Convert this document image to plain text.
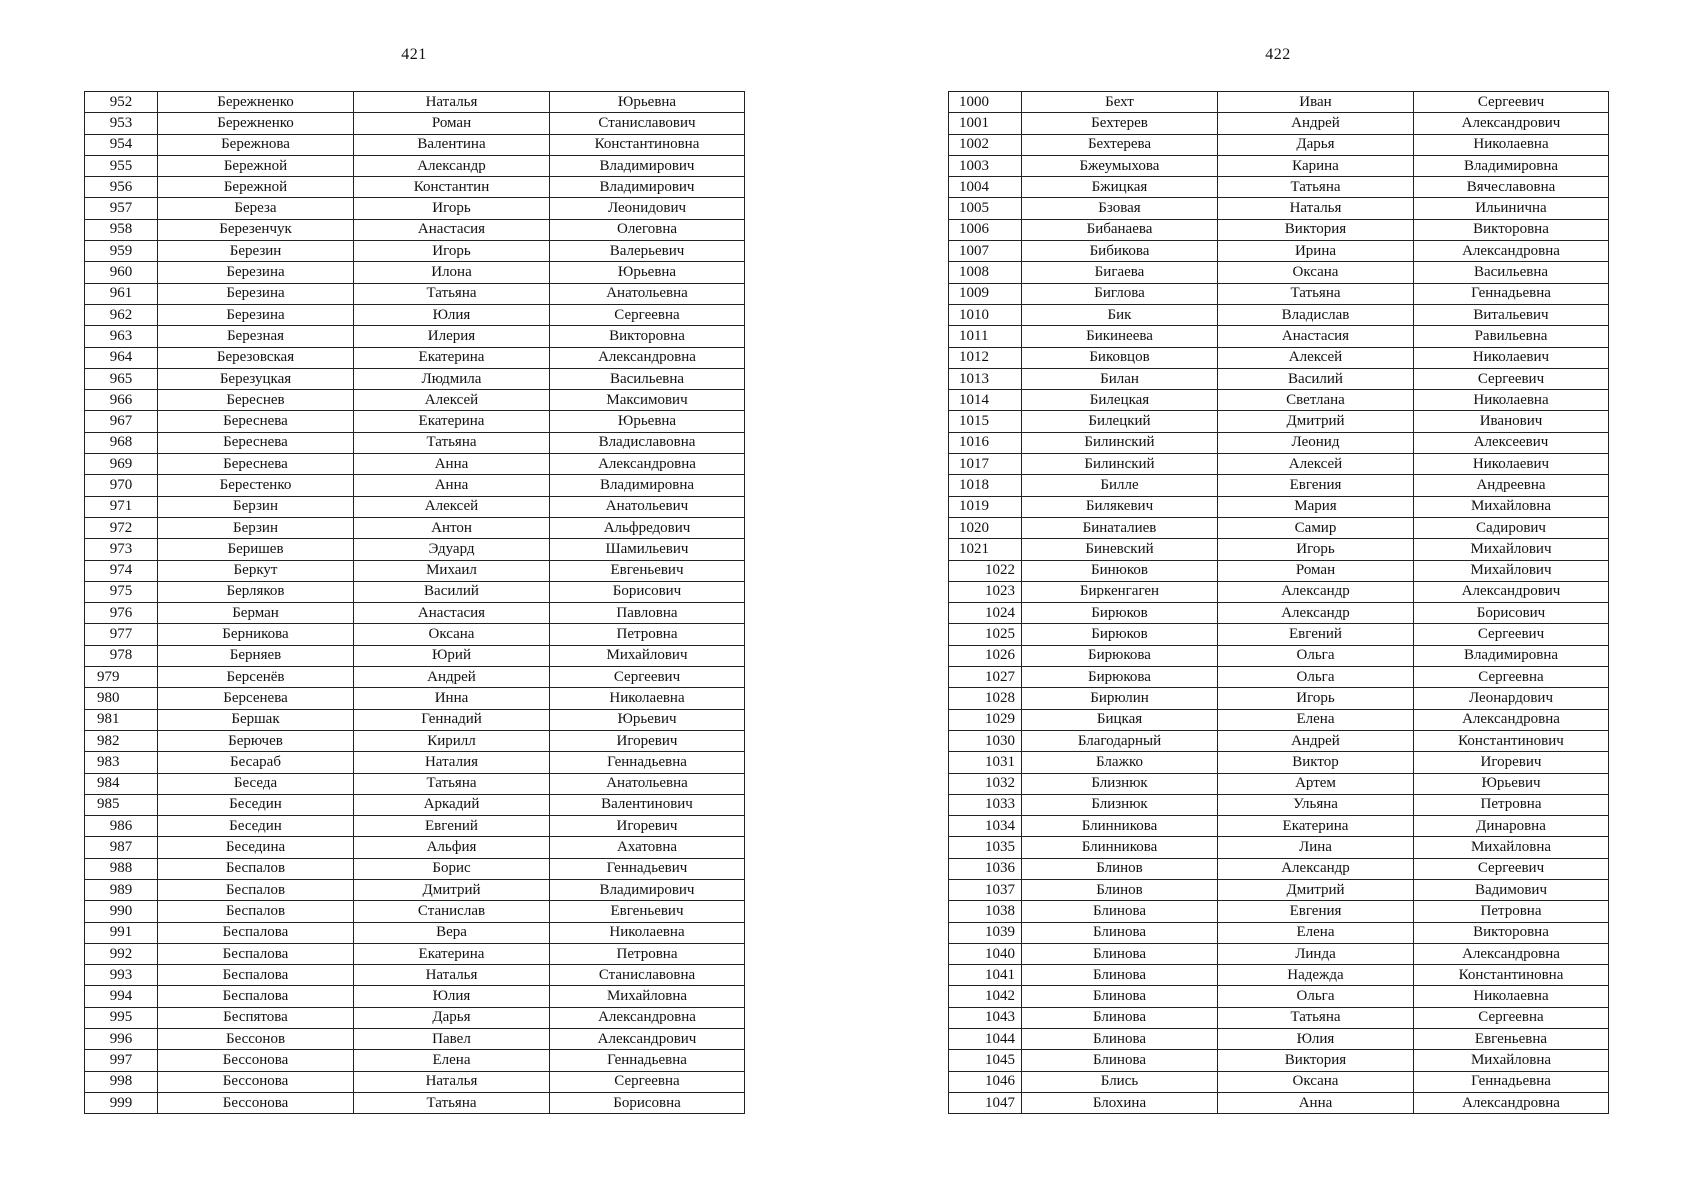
421
952	Бережненко	Наталья	Юрьевна
953	Бережненко	Роман	Станиславович
954	Бережнова	Валентина	Константиновна
955	Бережной	Александр	Владимирович
956	Бережной	Константин	Владимирович
957	Береза	Игорь	Леонидович
958	Березенчук	Анастасия	Олеговна
959	Березин	Игорь	Валерьевич
960	Березина	Илона	Юрьевна
961	Березина	Татьяна	Анатольевна
962	Березина	Юлия	Сергеевна
963	Березная	Илерия	Викторовна
964	Березовская	Екатерина	Александровна
965	Березуцкая	Людмила	Васильевна
966	Береснев	Алексей	Максимович
967	Береснева	Екатерина	Юрьевна
968	Береснева	Татьяна	Владиславовна
969	Береснева	Анна	Александровна
970	Берестенко	Анна	Владимировна
971	Берзин	Алексей	Анатольевич
972	Берзин	Антон	Альфредович
973	Беришев	Эдуард	Шамильевич
974	Беркут	Михаил	Евгеньевич
975	Берляков	Василий	Борисович
976	Берман	Анастасия	Павловна
977	Берникова	Оксана	Петровна
978	Берняев	Юрий	Михайлович
979	Берсенёв	Андрей	Сергеевич
980	Берсенева	Инна	Николаевна
981	Бершак	Геннадий	Юрьевич
982	Берючев	Кирилл	Игоревич
983	Бесараб	Наталия	Геннадьевна
984	Беседа	Татьяна	Анатольевна
985	Беседин	Аркадий	Валентинович
986	Беседин	Евгений	Игоревич
987	Беседина	Альфия	Ахатовна
988	Беспалов	Борис	Геннадьевич
989	Беспалов	Дмитрий	Владимирович
990	Беспалов	Станислав	Евгеньевич
991	Беспалова	Вера	Николаевна
992	Беспалова	Екатерина	Петровна
993	Беспалова	Наталья	Станиславовна
994	Беспалова	Юлия	Михайловна
995	Беспятова	Дарья	Александровна
996	Бессонов	Павел	Александрович
997	Бессонова	Елена	Геннадьевна
998	Бессонова	Наталья	Сергеевна
999	Бессонова	Татьяна	Борисовна
422
1000	Бехт	Иван	Сергеевич
1001	Бехтерев	Андрей	Александрович
1002	Бехтерева	Дарья	Николаевна
1003	Бжеумыхова	Карина	Владимировна
1004	Бжицкая	Татьяна	Вячеславовна
1005	Бзовая	Наталья	Ильинична
1006	Бибанаева	Виктория	Викторовна
1007	Бибикова	Ирина	Александровна
1008	Бигаева	Оксана	Васильевна
1009	Биглова	Татьяна	Геннадьевна
1010	Бик	Владислав	Витальевич
1011	Бикинеева	Анастасия	Равильевна
1012	Биковцов	Алексей	Николаевич
1013	Билан	Василий	Сергеевич
1014	Билецкая	Светлана	Николаевна
1015	Билецкий	Дмитрий	Иванович
1016	Билинский	Леонид	Алексеевич
1017	Билинский	Алексей	Николаевич
1018	Билле	Евгения	Андреевна
1019	Билякевич	Мария	Михайловна
1020	Бинаталиев	Самир	Садирович
1021	Биневский	Игорь	Михайлович
1022	Бинюков	Роман	Михайлович
1023	Биркенгаген	Александр	Александрович
1024	Бирюков	Александр	Борисович
1025	Бирюков	Евгений	Сергеевич
1026	Бирюкова	Ольга	Владимировна
1027	Бирюкова	Ольга	Сергеевна
1028	Бирюлин	Игорь	Леонардович
1029	Бицкая	Елена	Александровна
1030	Благодарный	Андрей	Константинович
1031	Блажко	Виктор	Игоревич
1032	Близнюк	Артем	Юрьевич
1033	Близнюк	Ульяна	Петровна
1034	Блинникова	Екатерина	Динаровна
1035	Блинникова	Лина	Михайловна
1036	Блинов	Александр	Сергеевич
1037	Блинов	Дмитрий	Вадимович
1038	Блинова	Евгения	Петровна
1039	Блинова	Елена	Викторовна
1040	Блинова	Линда	Александровна
1041	Блинова	Надежда	Константиновна
1042	Блинова	Ольга	Николаевна
1043	Блинова	Татьяна	Сергеевна
1044	Блинова	Юлия	Евгеньевна
1045	Блинова	Виктория	Михайловна
1046	Блись	Оксана	Геннадьевна
1047	Блохина	Анна	Александровна
